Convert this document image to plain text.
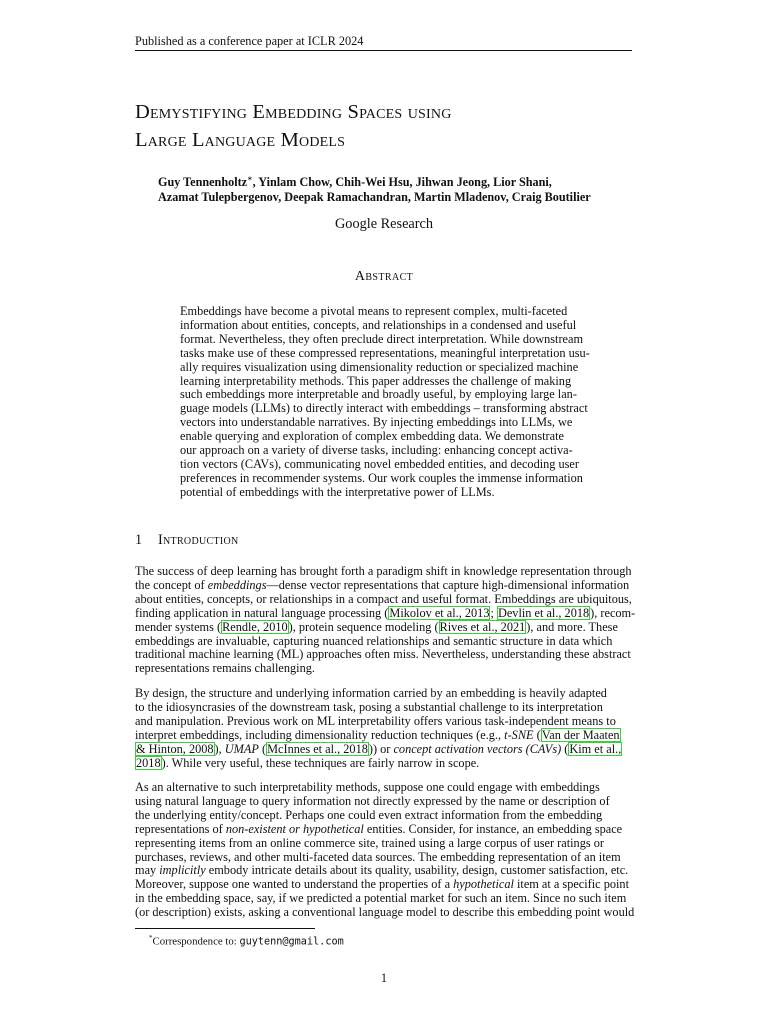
Published as a conference paper at ICLR 2024
Demystifying Embedding Spaces using
Large Language Models
Guy Tennenholtz∗, Yinlam Chow, Chih-Wei Hsu, Jihwan Jeong, Lior Shani,
Azamat Tulepbergenov, Deepak Ramachandran, Martin Mladenov, Craig Boutilier
Google Research
Abstract
Embeddings have become a pivotal means to represent complex, multi-faceted
information about entities, concepts, and relationships in a condensed and useful
format. Nevertheless, they often preclude direct interpretation. While downstream
tasks make use of these compressed representations, meaningful interpretation usu-
ally requires visualization using dimensionality reduction or specialized machine
learning interpretability methods. This paper addresses the challenge of making
such embeddings more interpretable and broadly useful, by employing large lan-
guage models (LLMs) to directly interact with embeddings – transforming abstract
vectors into understandable narratives. By injecting embeddings into LLMs, we
enable querying and exploration of complex embedding data. We demonstrate
our approach on a variety of diverse tasks, including: enhancing concept activa-
tion vectors (CAVs), communicating novel embedded entities, and decoding user
preferences in recommender systems. Our work couples the immense information
potential of embeddings with the interpretative power of LLMs.
1 Introduction
The success of deep learning has brought forth a paradigm shift in knowledge representation through
the concept of embeddings—dense vector representations that capture high-dimensional information
about entities, concepts, or relationships in a compact and useful format. Embeddings are ubiquitous,
finding application in natural language processing (Mikolov et al., 2013; Devlin et al., 2018), recom-
mender systems (Rendle, 2010), protein sequence modeling (Rives et al., 2021), and more. These
embeddings are invaluable, capturing nuanced relationships and semantic structure in data which
traditional machine learning (ML) approaches often miss. Nevertheless, understanding these abstract
representations remains challenging.
By design, the structure and underlying information carried by an embedding is heavily adapted
to the idiosyncrasies of the downstream task, posing a substantial challenge to its interpretation
and manipulation. Previous work on ML interpretability offers various task-independent means to
interpret embeddings, including dimensionality reduction techniques (e.g., t-SNE (Van der Maaten
& Hinton, 2008), UMAP (McInnes et al., 2018)) or concept activation vectors (CAVs) (Kim et al.,
2018). While very useful, these techniques are fairly narrow in scope.
As an alternative to such interpretability methods, suppose one could engage with embeddings
using natural language to query information not directly expressed by the name or description of
the underlying entity/concept. Perhaps one could even extract information from the embedding
representations of non-existent or hypothetical entities. Consider, for instance, an embedding space
representing items from an online commerce site, trained using a large corpus of user ratings or
purchases, reviews, and other multi-faceted data sources. The embedding representation of an item
may implicitly embody intricate details about its quality, usability, design, customer satisfaction, etc.
Moreover, suppose one wanted to understand the properties of a hypothetical item at a specific point
in the embedding space, say, if we predicted a potential market for such an item. Since no such item
(or description) exists, asking a conventional language model to describe this embedding point would
*Correspondence to: guytenn@gmail.com
1
